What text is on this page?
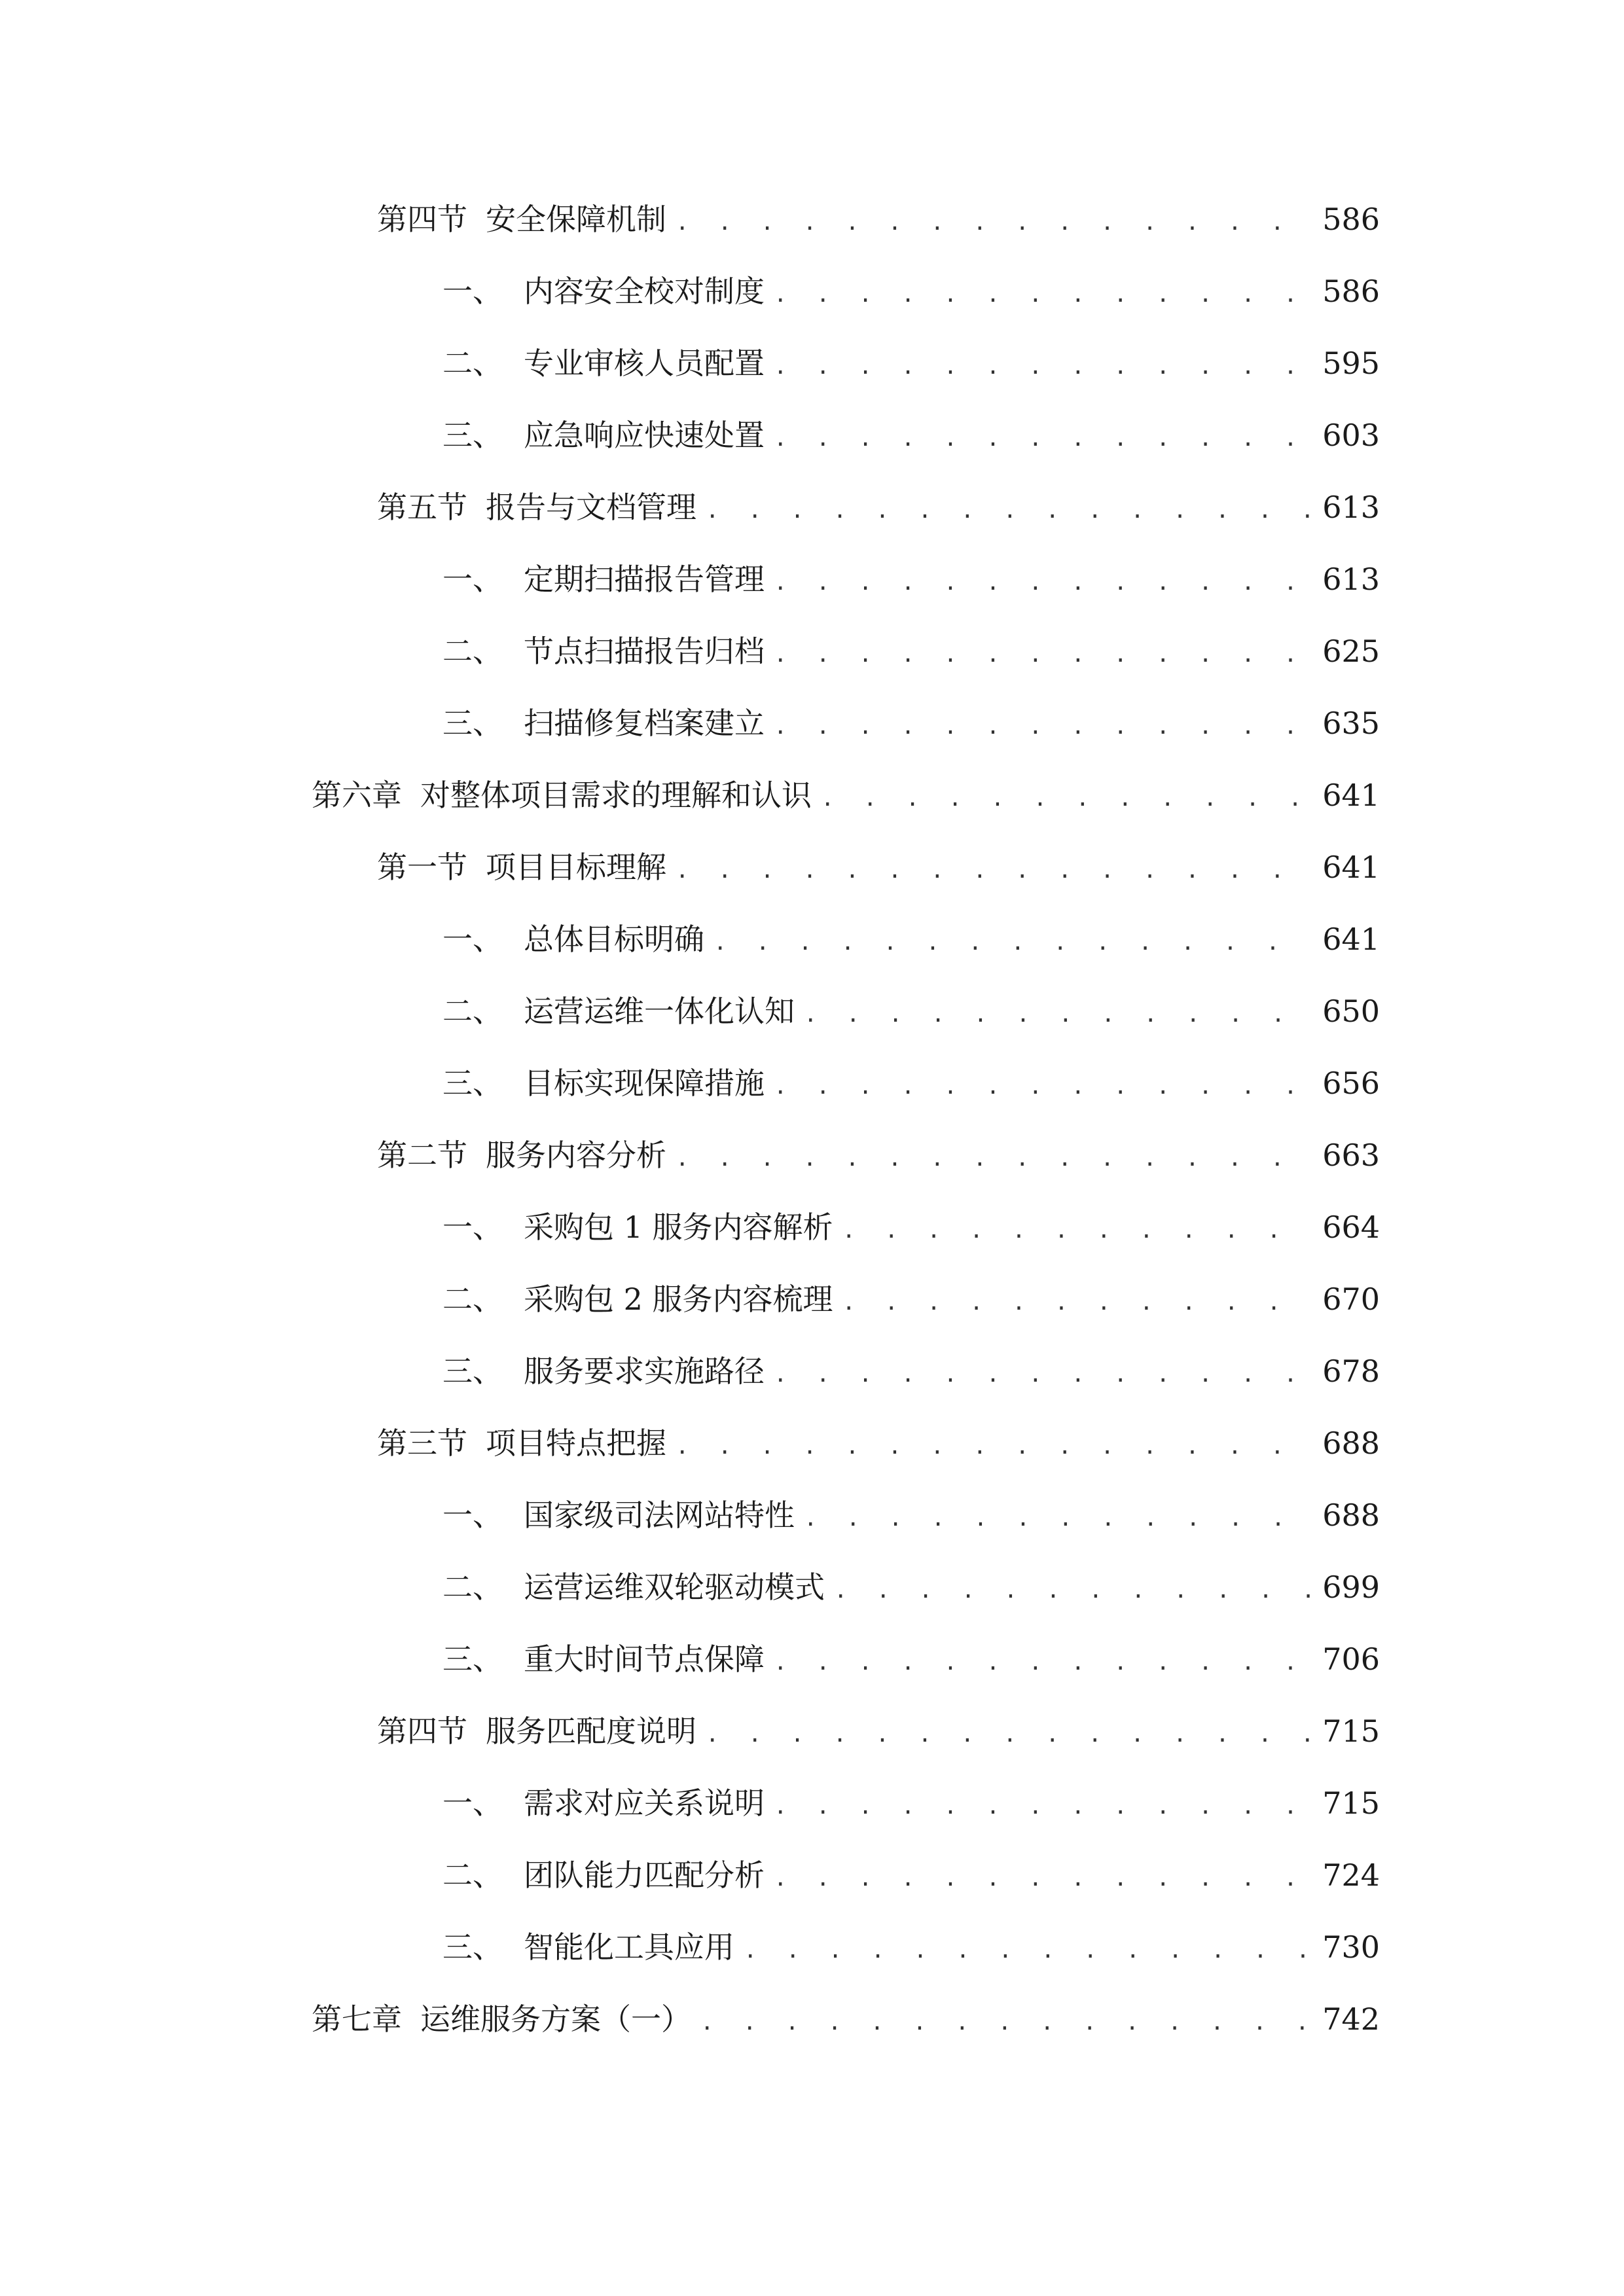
第四节 安全保障机制 . . .	586
一、 内容安全校对制度 . . .	586
二、 专业审核人员配置 . . .	595
三、 应急响应快速处置 . . .	603
第五节 报告与文档管理 . . .	613
一、 定期扫描报告管理 . . .	613
二、 节点扫描报告归档 . . .	625
三、 扫描修复档案建立 . . .	635
第六章 对整体项目需求的理解和认识 . . .	641
第一节 项目目标理解 . . .	641
一、 总体目标明确 . . .	641
二、 运营运维一体化认知 . . .	650
三、 目标实现保障措施 . . .	656
第二节 服务内容分析 . . .	663
一、 采购包 1 服务内容解析 . . .	664
二、 采购包 2 服务内容梳理 . . .	670
三、 服务要求实施路径 . . .	678
第三节 项目特点把握 . . .	688
一、 国家级司法网站特性 . . .	688
二、 运营运维双轮驱动模式 . . .	699
三、 重大时间节点保障 . . .	706
第四节 服务匹配度说明 . . .	715
一、 需求对应关系说明 . . .	715
二、 团队能力匹配分析 . . .	724
三、 智能化工具应用 . . .	730
第七章 运维服务方案（一） . . .	742
